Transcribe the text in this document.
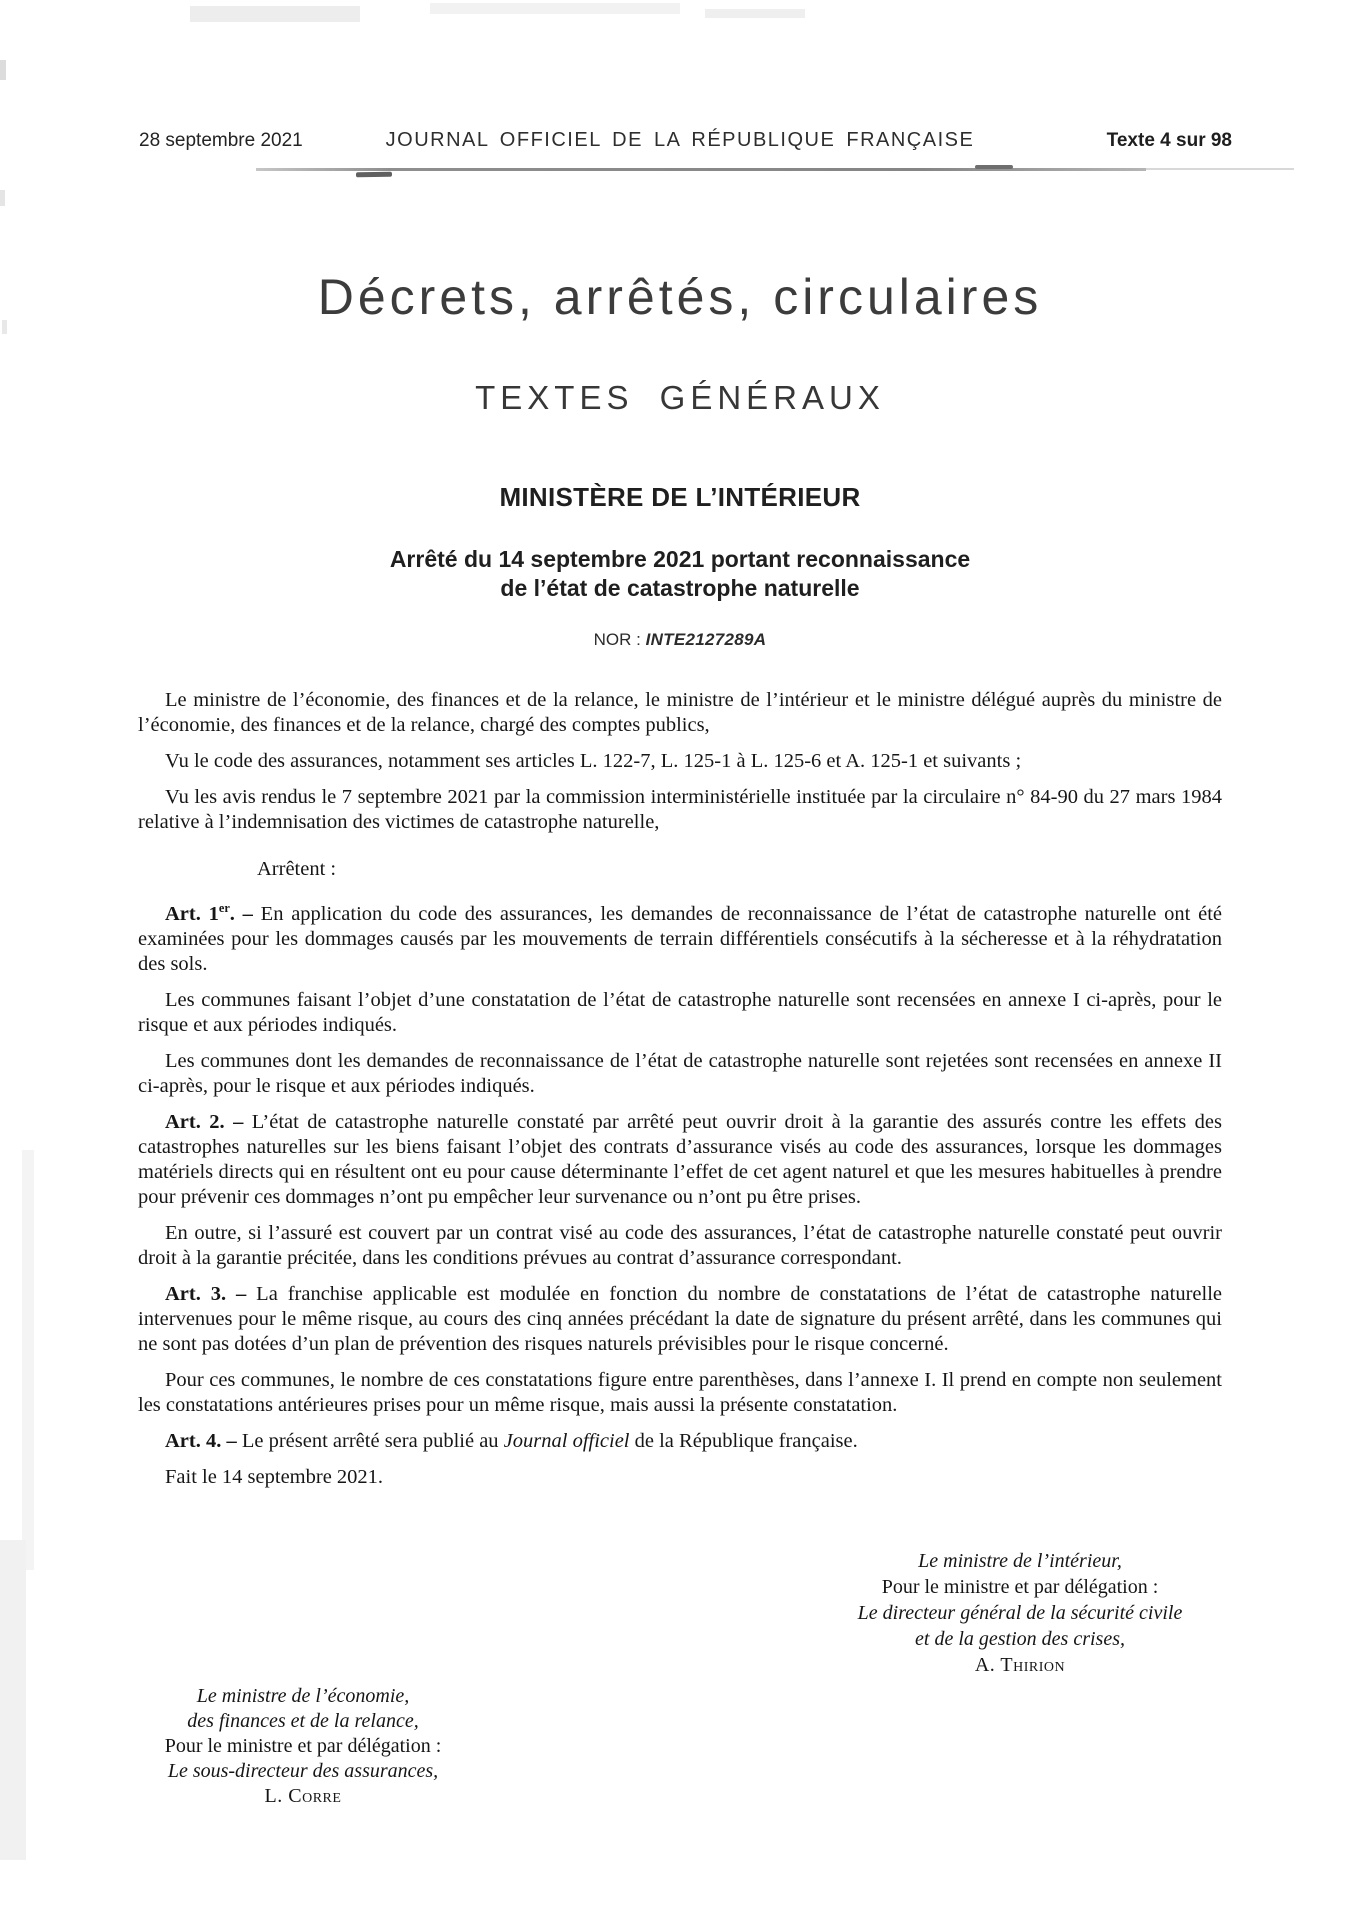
28 septembre 2021	JOURNAL OFFICIEL DE LA RÉPUBLIQUE FRANÇAISE	Texte 4 sur 98
Décrets, arrêtés, circulaires
TEXTES GÉNÉRAUX
MINISTÈRE DE L’INTÉRIEUR
Arrêté du 14 septembre 2021 portant reconnaissance
de l’état de catastrophe naturelle
NOR : INTE2127289A

Le ministre de l’économie, des finances et de la relance, le ministre de l’intérieur et le ministre délégué auprès du ministre de l’économie, des finances et de la relance, chargé des comptes publics,

Vu le code des assurances, notamment ses articles L. 122-7, L. 125-1 à L. 125-6 et A. 125-1 et suivants ;

Vu les avis rendus le 7 septembre 2021 par la commission interministérielle instituée par la circulaire n° 84-90 du 27 mars 1984 relative à l’indemnisation des victimes de catastrophe naturelle,

Arrêtent :

Art. 1er. – En application du code des assurances, les demandes de reconnaissance de l’état de catastrophe naturelle ont été examinées pour les dommages causés par les mouvements de terrain différentiels consécutifs à la sécheresse et à la réhydratation des sols.

Les communes faisant l’objet d’une constatation de l’état de catastrophe naturelle sont recensées en annexe I ci-après, pour le risque et aux périodes indiqués.

Les communes dont les demandes de reconnaissance de l’état de catastrophe naturelle sont rejetées sont recensées en annexe II ci-après, pour le risque et aux périodes indiqués.

Art. 2. – L’état de catastrophe naturelle constaté par arrêté peut ouvrir droit à la garantie des assurés contre les effets des catastrophes naturelles sur les biens faisant l’objet des contrats d’assurance visés au code des assurances, lorsque les dommages matériels directs qui en résultent ont eu pour cause déterminante l’effet de cet agent naturel et que les mesures habituelles à prendre pour prévenir ces dommages n’ont pu empêcher leur survenance ou n’ont pu être prises.

En outre, si l’assuré est couvert par un contrat visé au code des assurances, l’état de catastrophe naturelle constaté peut ouvrir droit à la garantie précitée, dans les conditions prévues au contrat d’assurance correspondant.

Art. 3. – La franchise applicable est modulée en fonction du nombre de constatations de l’état de catastrophe naturelle intervenues pour le même risque, au cours des cinq années précédant la date de signature du présent arrêté, dans les communes qui ne sont pas dotées d’un plan de prévention des risques naturels prévisibles pour le risque concerné.

Pour ces communes, le nombre de ces constatations figure entre parenthèses, dans l’annexe I. Il prend en compte non seulement les constatations antérieures prises pour un même risque, mais aussi la présente constatation.

Art. 4. – Le présent arrêté sera publié au Journal officiel de la République française.

Fait le 14 septembre 2021.

Le ministre de l’intérieur,
Pour le ministre et par délégation :
Le directeur général de la sécurité civile
et de la gestion des crises,
A. Thirion
Le ministre de l’économie,
des finances et de la relance,
Pour le ministre et par délégation :
Le sous-directeur des assurances,
L. Corre
